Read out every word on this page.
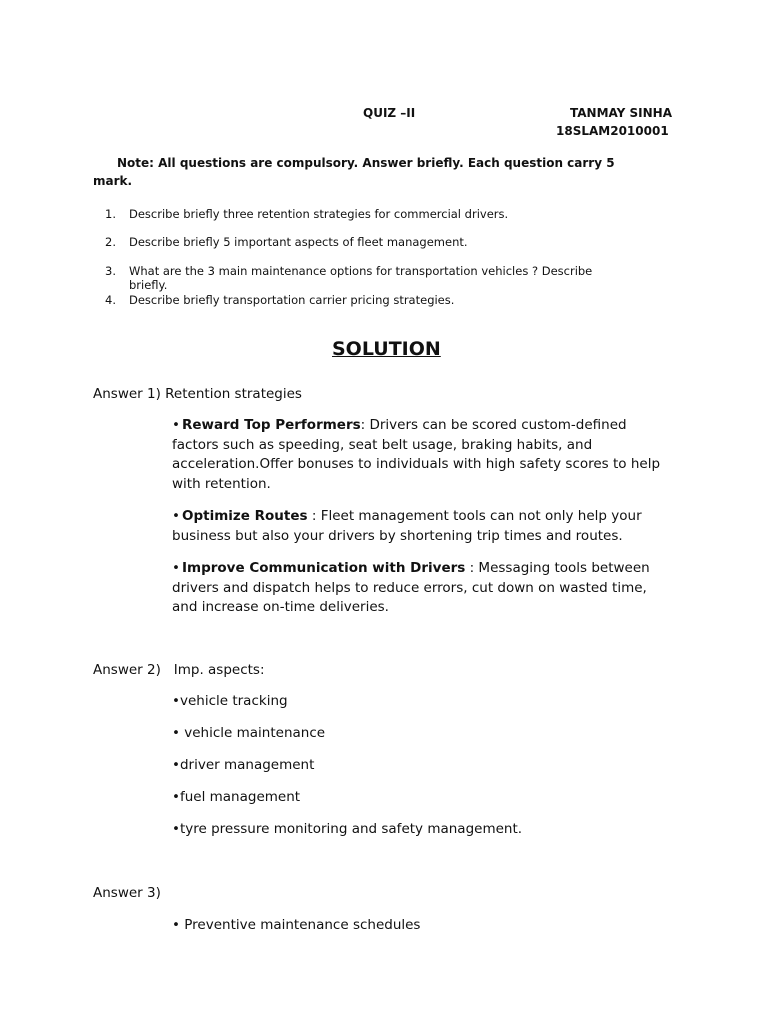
QUIZ –II	TANMAY SINHA
18SLAM2010001
Note: All questions are compulsory. Answer briefly. Each question carry 5
mark.
1. Describe briefly three retention strategies for commercial drivers.
2. Describe briefly 5 important aspects of fleet management.
3. What are the 3 main maintenance options for transportation vehicles ? Describe
briefly.
4. Describe briefly transportation carrier pricing strategies.
SOLUTION
Answer 1) Retention strategies
• Reward Top Performers: Drivers can be scored custom-defined factors such as speeding, seat belt usage, braking habits, and acceleration.Offer bonuses to individuals with high safety scores to help with retention.
• Optimize Routes : Fleet management tools can not only help your business but also your drivers by shortening trip times and routes.
• Improve Communication with Drivers : Messaging tools between drivers and dispatch helps to reduce errors, cut down on wasted time, and increase on-time deliveries.
Answer 2)   Imp. aspects:
•vehicle tracking
• vehicle maintenance
•driver management
•fuel management
•tyre pressure monitoring and safety management.
Answer 3)
• Preventive maintenance schedules
